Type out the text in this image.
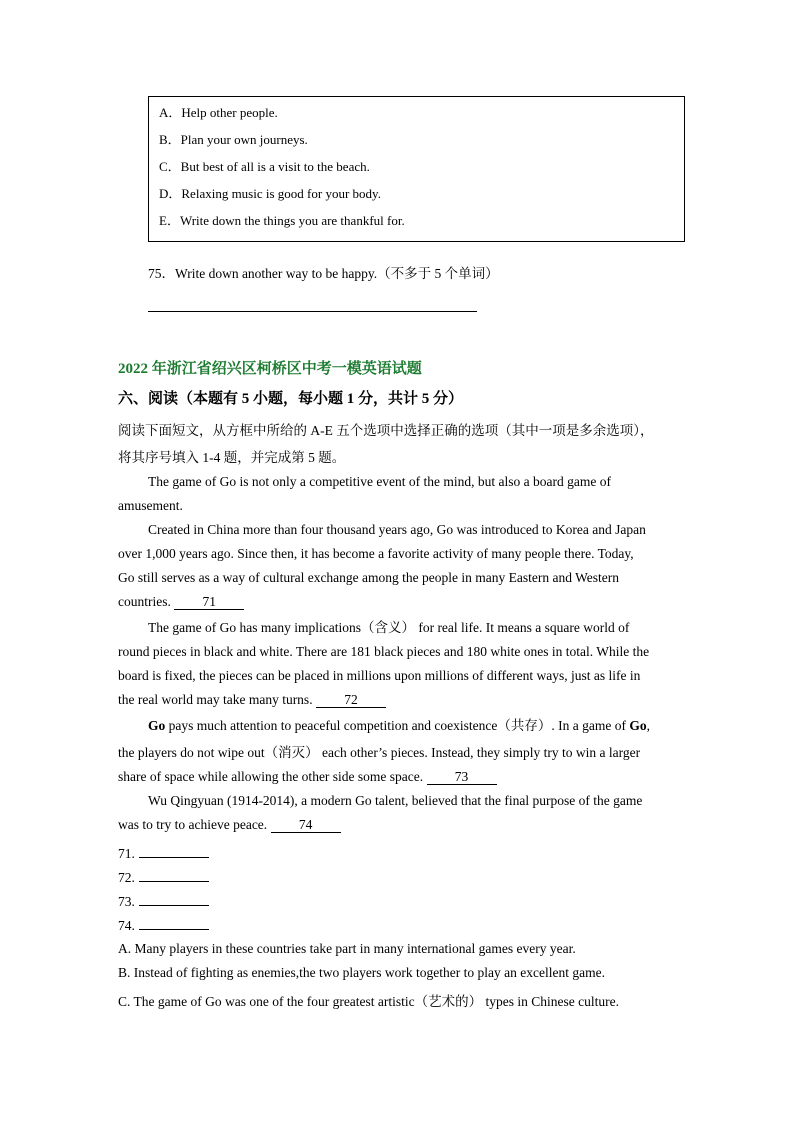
A．Help other people.
B．Plan your own journeys.
C．But best of all is a visit to the beach.
D．Relaxing music is good for your body.
E．Write down the things you are thankful for.
75．Write down another way to be happy.（不多于 5 个单词）
2022 年浙江省绍兴区柯桥区中考一模英语试题
六、阅读（本题有 5 小题，每小题 1 分，共计 5 分）
阅读下面短文，从方框中所给的 A-E 五个选项中选择正确的选项（其中一项是多余选项），
将其序号填入 1-4 题，并完成第 5 题。
The game of Go is not only a competitive event of the mind, but also a board game of
amusement.
Created in China more than four thousand years ago, Go was introduced to Korea and Japan
over 1,000 years ago. Since then, it has become a favorite activity of many people there. Today,
Go still serves as a way of cultural exchange among the people in many Eastern and Western
countries. 71
The game of Go has many implications（含义） for real life. It means a square world of
round pieces in black and white. There are 181 black pieces and 180 white ones in total. While the
board is fixed, the pieces can be placed in millions upon millions of different ways, just as life in
the real world may take many turns. 72
Go pays much attention to peaceful competition and coexistence（共存）. In a game of Go,
the players do not wipe out（消灭） each other’s pieces. Instead, they simply try to win a larger
share of space while allowing the other side some space. 73
Wu Qingyuan (1914-2014), a modern Go talent, believed that the final purpose of the game
was to try to achieve peace. 74
71.
72.
73.
74.
A. Many players in these countries take part in many international games every year.
B. Instead of fighting as enemies,the two players work together to play an excellent game.
C. The game of Go was one of the four greatest artistic（艺术的） types in Chinese culture.
